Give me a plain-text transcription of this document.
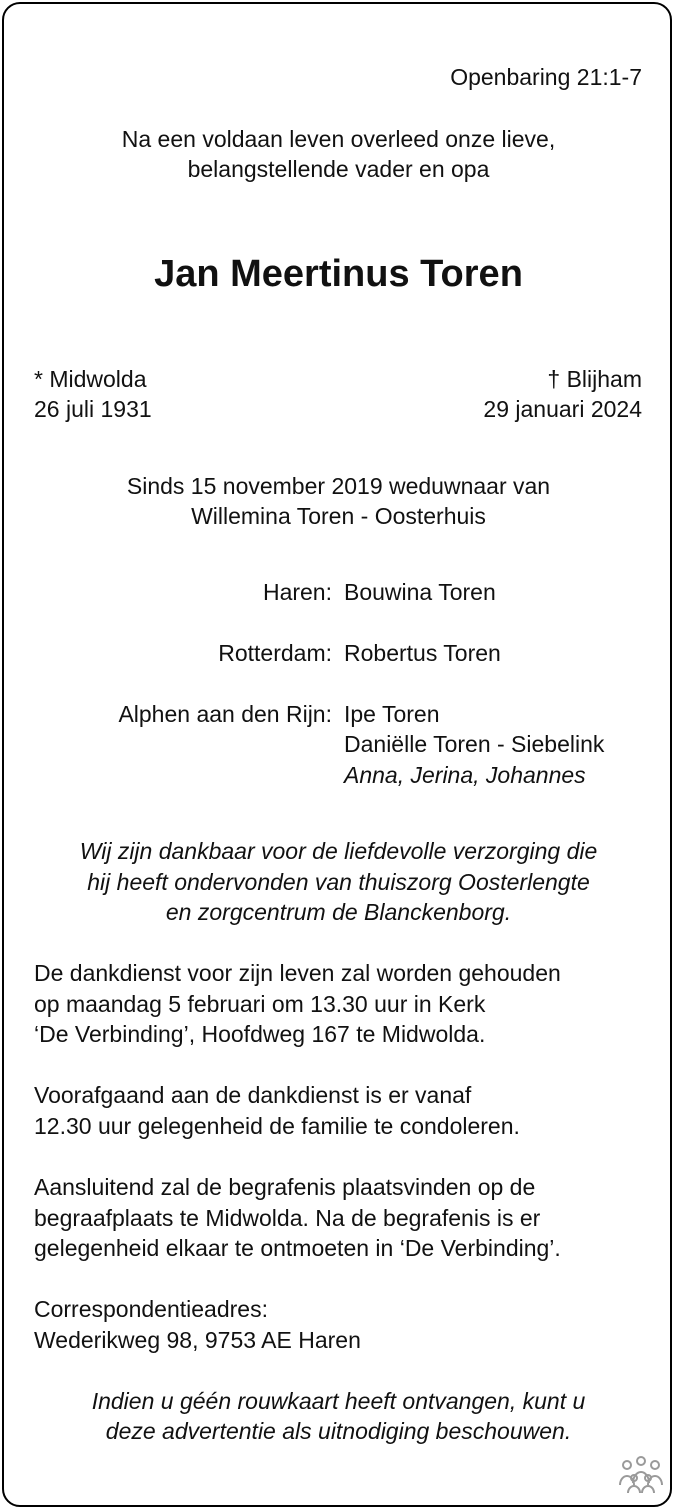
Openbaring 21:1-7
Na een voldaan leven overleed onze lieve,
belangstellende vader en opa
Jan Meertinus Toren
* Midwolda
26 juli 1931
† Blijham
29 januari 2024
Sinds 15 november 2019 weduwnaar van
Willemina Toren - Oosterhuis
Haren: Bouwina Toren
Rotterdam: Robertus Toren
Alphen aan den Rijn: Ipe Toren
Daniëlle Toren - Siebelink
Anna, Jerina, Johannes
Wij zijn dankbaar voor de liefdevolle verzorging die
hij heeft ondervonden van thuiszorg Oosterlengte
en zorgcentrum de Blanckenborg.
De dankdienst voor zijn leven zal worden gehouden
op maandag 5 februari om 13.30 uur in Kerk
‘De Verbinding’, Hoofdweg 167 te Midwolda.
Voorafgaand aan de dankdienst is er vanaf
12.30 uur gelegenheid de familie te condoleren.
Aansluitend zal de begrafenis plaatsvinden op de
begraafplaats te Midwolda. Na de begrafenis is er
gelegenheid elkaar te ontmoeten in ‘De Verbinding’.
Correspondentieadres:
Wederikweg 98, 9753 AE Haren
Indien u géén rouwkaart heeft ontvangen, kunt u
deze advertentie als uitnodiging beschouwen.
